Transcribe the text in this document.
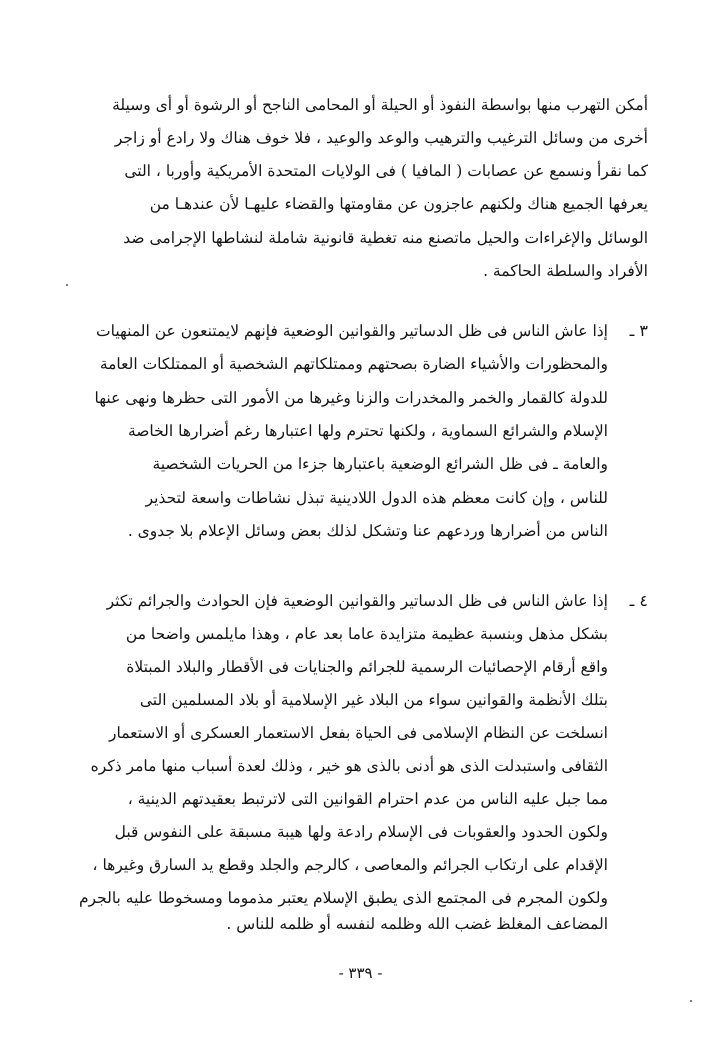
أمكن التهرب منها بواسطة النفوذ أو الحيلة أو المحامى الناجح أو الرشوة أو أى وسيلة
أخرى من وسائل الترغيب والترهيب والوعد والوعيد ، فلا خوف هناك ولا رادع أو زاجر
كما نقرأ ونسمع عن عصابات ( المافيا ) فى الولايات المتحدة الأمريكية وأوربا ، التى
يعرفها الجميع هناك ولكنهم عاجزون عن مقاومتها والقضاء عليهـا لأن عندهـا من
الوسائل والإغراءات والحيل ماتصنع منه تغطية قانونية شاملة لنشاطها الإجرامى ضد
الأفراد والسلطة الحاكمة .
٣ ـ
إذا عاش الناس فى ظل الدساتير والقوانين الوضعية فإنهم لايمتنعون عن المنهيات
والمحظورات والأشياء الضارة بصحتهم وممتلكاتهم الشخصية أو الممتلكات العامة
للدولة كالقمار والخمر والمخدرات والزنا وغيرها من الأمور التى حظرها ونهى عنها
الإسلام والشرائع السماوية ، ولكنها تحترم ولها اعتبارها رغم أضرارها الخاصة
والعامة ـ فى ظل الشرائع الوضعية باعتبارها جزءا من الحريات الشخصية
للناس ، وإن كانت معظم هذه الدول اللادينية تبذل نشاطات واسعة لتحذير
الناس من أضرارها وردعهم عنا وتشكل لذلك بعض وسائل الإعلام بلا جدوى .
٤ ـ
إذا عاش الناس فى ظل الدساتير والقوانين الوضعية فإن الحوادث والجرائم تكثر
بشكل مذهل وبنسبة عظيمة متزايدة عاما بعد عام ، وهذا مايلمس واضحا من
واقع أرقام الإحصائيات الرسمية للجرائم والجنايات فى الأقطار والبلاد المبتلاة
بتلك الأنظمة والقوانين سواء من البلاد غير الإسلامية أو بلاد المسلمين التى
انسلخت عن النظام الإسلامى فى الحياة بفعل الاستعمار العسكرى أو الاستعمار
الثقافى واستبدلت الذى هو أدنى بالذى هو خير ، وذلك لعدة أسباب منها مامر ذكره
مما جبل عليه الناس من عدم احترام القوانين التى لاترتبط بعقيدتهم الدينية ،
ولكون الحدود والعقوبات فى الإسلام رادعة ولها هيبة مسبقة على النفوس قبل
الإقدام على ارتكاب الجرائم والمعاصى ، كالرجم والجلد وقطع يد السارق وغيرها ،
ولكون المجرم فى المجتمع الذى يطبق الإسلام يعتبر مذموما ومسخوطا عليه بالجرم
المضاعف المغلظ غضب الله وظلمه لنفسه أو ظلمه للناس .
- ٣٣٩ -
